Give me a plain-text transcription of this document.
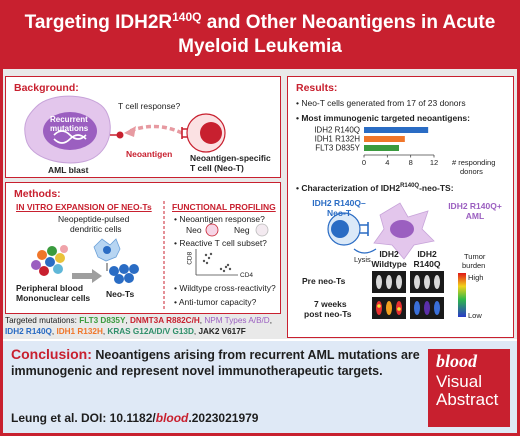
Targeting $IDH2R^{140Q}$ and Other Neoantigens in Acute
Myeloid Leukemia
Background:
T cell response?
Recurrent
mutations
AML blast
Neoantigen Neoantigen-specific
T cell (Neo-T)
Methods:
IN VITRO EXPANSION OF NEO-Ts
Neopeptide-pulsed
dendritic cells
Peripheral blood
Mononuclear cells Neo-Ts
FUNCTIONAL PROFILING
• Neoantigen response?
Neo	Neg
• Reactive T cell subset?
CD8
CD4
• Wildtype cross-reactivity?
• Anti-tumor capacity?
Targeted mutations: FLT3 D835Y, DNMT3A R882C/H, NPM Types A/B/D, IDH2 R140Q, IDH1 R132H, KRAS G12A/D/V G13D, JAK2 V617F
Results:
• Neo-T cells generated from 17 of 23 donors
• Most immunogenic targeted neoantigens:
IDH2 R140Q
IDH1 R132H
FLT3 D835Y
0	4	8 12 # responding
donors
• Characterization of $IDH2^{R140Q}-neo-TS$:
IDH2 R140Q–
Neo-T
IDH2 R140Q+
AML
Lysis
IDH2
Wildtype
IDH2
R140Q
Pre neo-Ts
7 weeks
post neo-Ts
Tumor
burden
High
Low
Conclusion: Neoantigens arising from recurrent AML mutations are immunogenic and represent novel immunotherapeutic targets.
Leung et al. DOI: 10.1182/blood.2023021979
blood
Visual
Abstract
